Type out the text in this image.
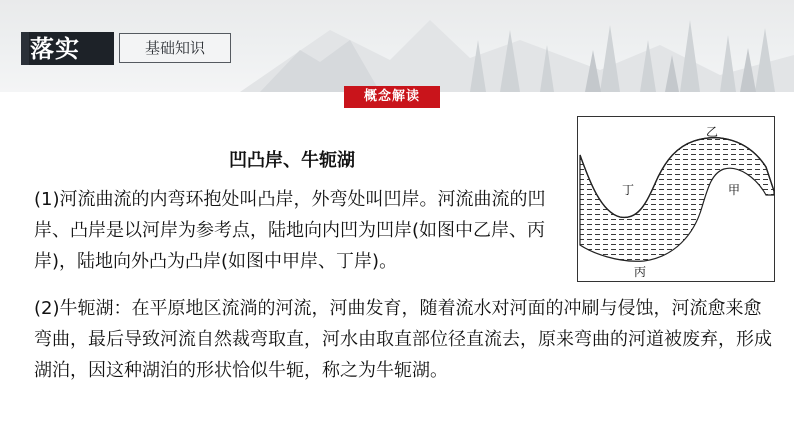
落实	基础知识
概念解读
凹凸岸、牛轭湖

(1)河流曲流的内弯环抱处叫凸岸，外弯处叫凹岸。河流曲流的凹岸、凸岸是以河岸为参考点，陆地向内凹为凹岸(如图中乙岸、丙岸)，陆地向外凸为凸岸(如图中甲岸、丁岸)。

(2)牛轭湖：在平原地区流淌的河流，河曲发育，随着流水对河面的冲刷与侵蚀，河流愈来愈弯曲，最后导致河流自然裁弯取直，河水由取直部位径直流去，原来弯曲的河道被废弃，形成湖泊，因这种湖泊的形状恰似牛轭，称之为牛轭湖。

乙
甲
丁
丙
